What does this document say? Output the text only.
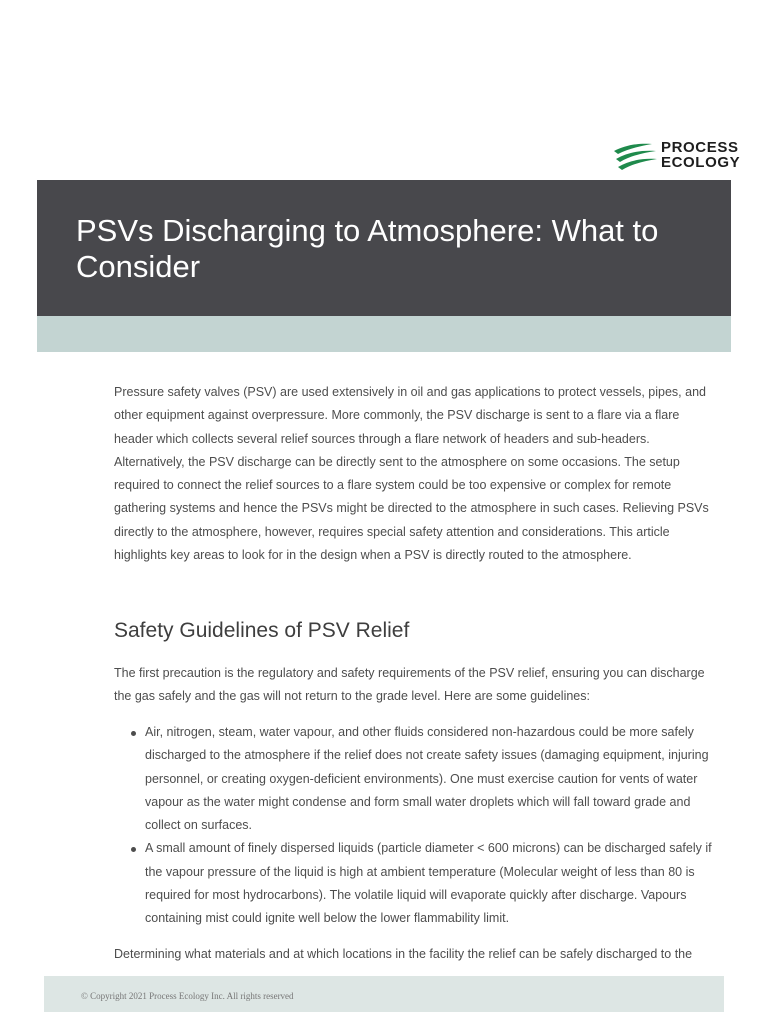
PROCESS
ECOLOGY
PSVs Discharging to Atmosphere: What to Consider

Pressure safety valves (PSV) are used extensively in oil and gas applications to protect vessels, pipes, and other equipment against overpressure. More commonly, the PSV discharge is sent to a flare via a flare header which collects several relief sources through a flare network of headers and sub-headers. Alternatively, the PSV discharge can be directly sent to the atmosphere on some occasions. The setup required to connect the relief sources to a flare system could be too expensive or complex for remote gathering systems and hence the PSVs might be directed to the atmosphere in such cases. Relieving PSVs directly to the atmosphere, however, requires special safety attention and considerations. This article highlights key areas to look for in the design when a PSV is directly routed to the atmosphere.

Safety Guidelines of PSV Relief

The first precaution is the regulatory and safety requirements of the PSV relief, ensuring you can discharge the gas safely and the gas will not return to the grade level. Here are some guidelines:

Air, nitrogen, steam, water vapour, and other fluids considered non-hazardous could be more safely discharged to the atmosphere if the relief does not create safety issues (damaging equipment, injuring personnel, or creating oxygen-deficient environments). One must exercise caution for vents of water vapour as the water might condense and form small water droplets which will fall toward grade and collect on surfaces.
A small amount of finely dispersed liquids (particle diameter < 600 microns) can be discharged safely if the vapour pressure of the liquid is high at ambient temperature (Molecular weight of less than 80 is required for most hydrocarbons). The volatile liquid will evaporate quickly after discharge. Vapours containing mist could ignite well below the lower flammability limit.

Determining what materials and at which locations in the facility the relief can be safely discharged to the

© Copyright 2021 Process Ecology Inc. All rights reserved
